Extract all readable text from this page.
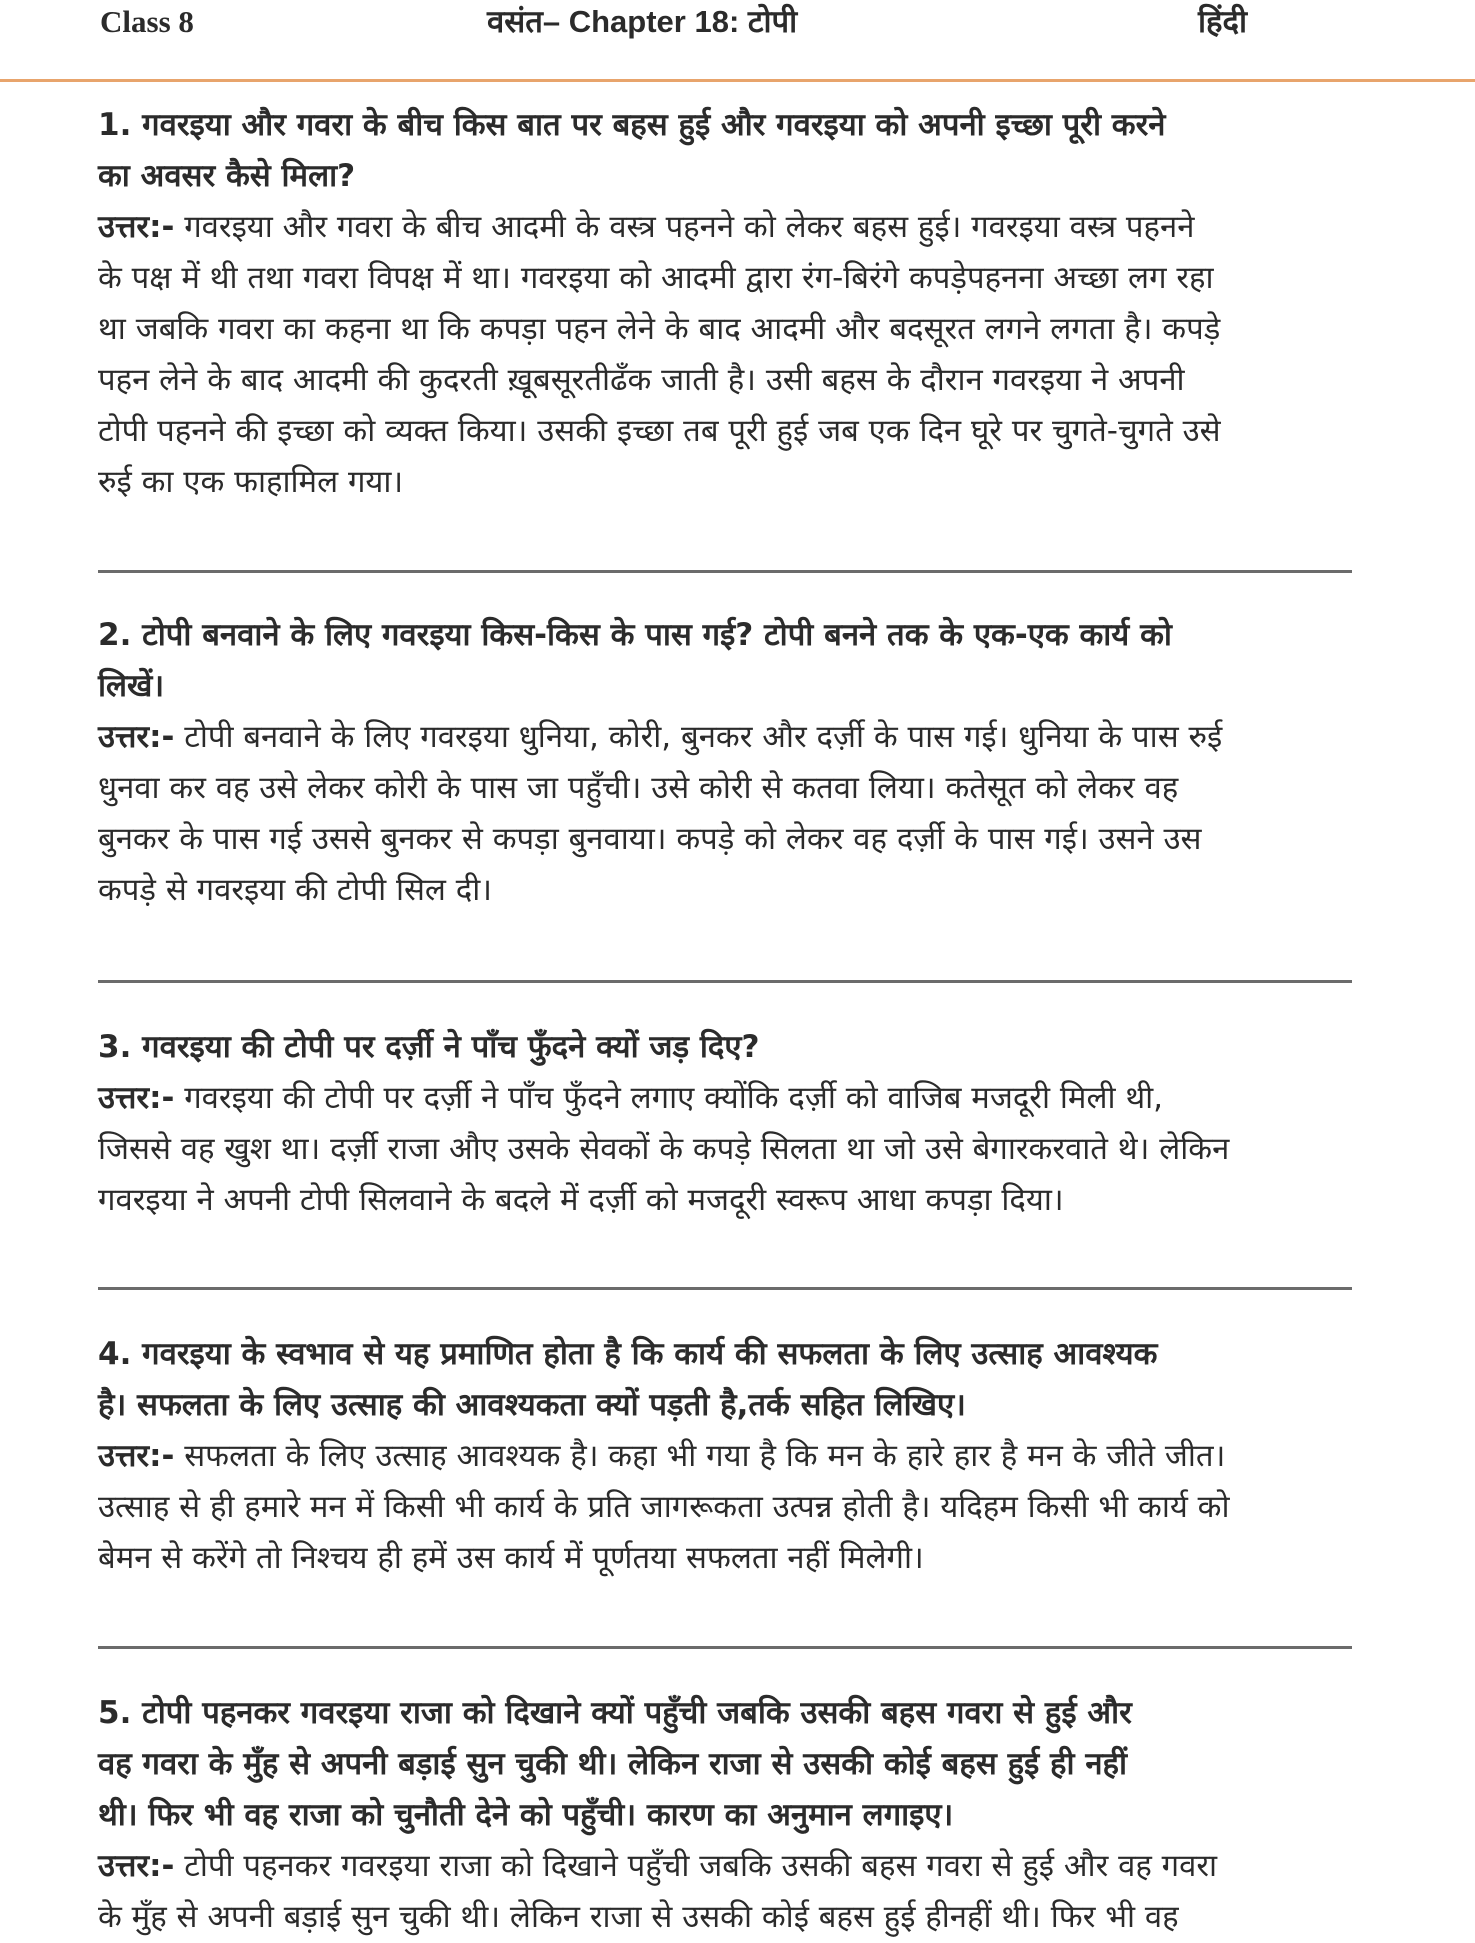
Class 8	वसंत– Chapter 18: टोपी	हिंदी
1. गवरइया और गवरा के बीच किस बात पर बहस हुई और गवरइया को अपनी इच्छा पूरी करने
का अवसर कैसे मिला?
उत्तर:- गवरइया और गवरा के बीच आदमी के वस्त्र पहनने को लेकर बहस हुई। गवरइया वस्त्र पहनने
के पक्ष में थी तथा गवरा विपक्ष में था। गवरइया को आदमी द्वारा रंग-बिरंगे कपड़ेपहनना अच्छा लग रहा
था जबकि गवरा का कहना था कि कपड़ा पहन लेने के बाद आदमी और बदसूरत लगने लगता है। कपड़े
पहन लेने के बाद आदमी की कुदरती ख़ूबसूरतीढँक जाती है। उसी बहस के दौरान गवरइया ने अपनी
टोपी पहनने की इच्छा को व्यक्त किया। उसकी इच्छा तब पूरी हुई जब एक दिन घूरे पर चुगते-चुगते उसे
रुई का एक फाहामिल गया।
2. टोपी बनवाने के लिए गवरइया किस-किस के पास गई? टोपी बनने तक के एक-एक कार्य को
लिखें।
उत्तर:- टोपी बनवाने के लिए गवरइया धुनिया, कोरी, बुनकर और दर्ज़ी के पास गई। धुनिया के पास रुई
धुनवा कर वह उसे लेकर कोरी के पास जा पहुँची। उसे कोरी से कतवा लिया। कतेसूत को लेकर वह
बुनकर के पास गई उससे बुनकर से कपड़ा बुनवाया। कपड़े को लेकर वह दर्ज़ी के पास गई। उसने उस
कपड़े से गवरइया की टोपी सिल दी।
3. गवरइया की टोपी पर दर्ज़ी ने पाँच फुँदने क्यों जड़ दिए?
उत्तर:- गवरइया की टोपी पर दर्ज़ी ने पाँच फुँदने लगाए क्योंकि दर्ज़ी को वाजिब मजदूरी मिली थी,
जिससे वह खुश था। दर्ज़ी राजा औए उसके सेवकों के कपड़े सिलता था जो उसे बेगारकरवाते थे। लेकिन
गवरइया ने अपनी टोपी सिलवाने के बदले में दर्ज़ी को मजदूरी स्वरूप आधा कपड़ा दिया।
4. गवरइया के स्वभाव से यह प्रमाणित होता है कि कार्य की सफलता के लिए उत्साह आवश्यक
है। सफलता के लिए उत्साह की आवश्यकता क्यों पड़ती है,तर्क सहित लिखिए।
उत्तर:- सफलता के लिए उत्साह आवश्यक है। कहा भी गया है कि मन के हारे हार है मन के जीते जीत।
उत्साह से ही हमारे मन में किसी भी कार्य के प्रति जागरूकता उत्पन्न होती है। यदिहम किसी भी कार्य को
बेमन से करेंगे तो निश्चय ही हमें उस कार्य में पूर्णतया सफलता नहीं मिलेगी।
5. टोपी पहनकर गवरइया राजा को दिखाने क्यों पहुँची जबकि उसकी बहस गवरा से हुई और
वह गवरा के मुँह से अपनी बड़ाई सुन चुकी थी। लेकिन राजा से उसकी कोई बहस हुई ही नहीं
थी। फिर भी वह राजा को चुनौती देने को पहुँची। कारण का अनुमान लगाइए।
उत्तर:- टोपी पहनकर गवरइया राजा को दिखाने पहुँची जबकि उसकी बहस गवरा से हुई और वह गवरा
के मुँह से अपनी बड़ाई सुन चुकी थी। लेकिन राजा से उसकी कोई बहस हुई हीनहीं थी। फिर भी वह
